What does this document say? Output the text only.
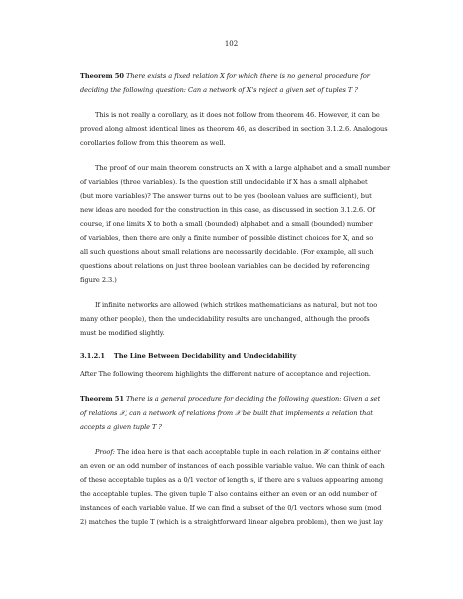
102
Theorem 50 There exists a fixed relation X for which there is no general procedure for
deciding the following question: Can a network of X's reject a given set of tuples T ?
This is not really a corollary, as it does not follow from theorem 46. However, it can be
proved along almost identical lines as theorem 46, as described in section 3.1.2.6. Analogous
corollaries follow from this theorem as well.
The proof of our main theorem constructs an X with a large alphabet and a small number
of variables (three variables). Is the question still undecidable if X has a small alphabet
(but more variables)? The answer turns out to be yes (boolean values are sufficient), but
new ideas are needed for the construction in this case, as discussed in section 3.1.2.6. Of
course, if one limits X to both a small (bounded) alphabet and a small (bounded) number
of variables, then there are only a finite number of possible distinct choices for X, and so
all such questions about small relations are necessarily decidable. (For example, all such
questions about relations on just three boolean variables can be decided by referencing
figure 2.3.)
If infinite networks are allowed (which strikes mathematicians as natural, but not too
many other people), then the undecidability results are unchanged, although the proofs
must be modified slightly.
3.1.2.1 The Line Between Decidability and Undecidability
After The following theorem highlights the different nature of acceptance and rejection.
Theorem 51 There is a general procedure for deciding the following question: Given a set
of relations 𝒳, can a network of relations from 𝒳 be built that implements a relation that
accepts a given tuple T ?
Proof: The idea here is that each acceptable tuple in each relation in 𝒳 contains either
an even or an odd number of instances of each possible variable value. We can think of each
of these acceptable tuples as a 0/1 vector of length s, if there are s values appearing among
the acceptable tuples. The given tuple T also contains either an even or an odd number of
instances of each variable value. If we can find a subset of the 0/1 vectors whose sum (mod
2) matches the tuple T (which is a straightforward linear algebra problem), then we just lay
